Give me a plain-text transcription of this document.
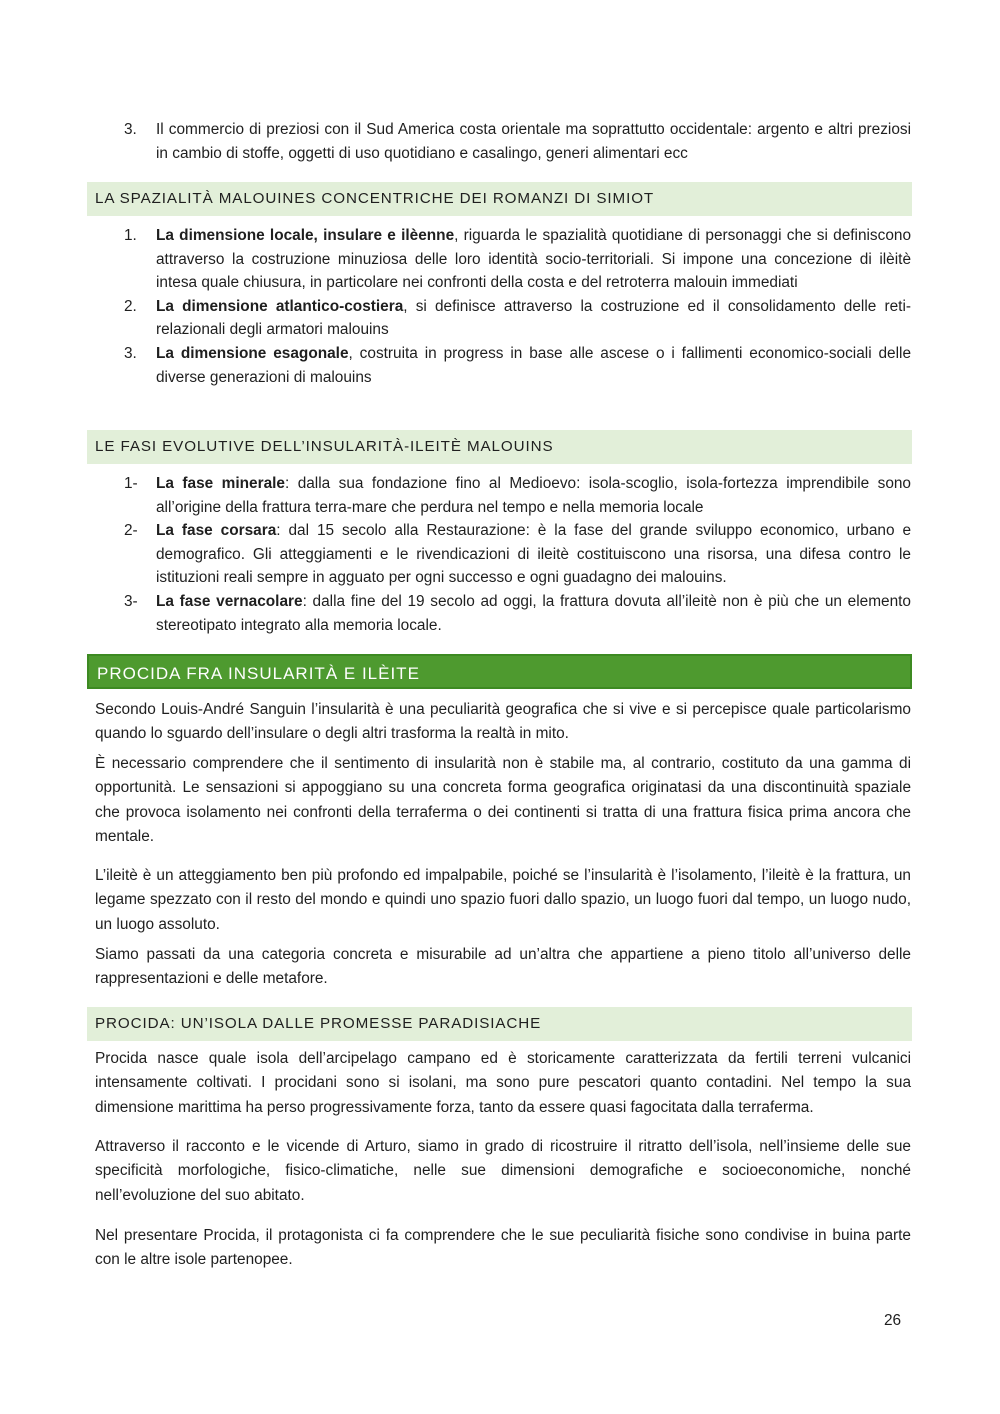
3. Il commercio di preziosi con il Sud America costa orientale ma soprattutto occidentale: argento e altri preziosi in cambio di stoffe, oggetti di uso quotidiano e casalingo, generi alimentari ecc
LA SPAZIALITÀ MALOUINES CONCENTRICHE DEI ROMANZI DI SIMIOT
1. La dimensione locale, insulare e ilèenne, riguarda le spazialità quotidiane di personaggi che si definiscono attraverso la costruzione minuziosa delle loro identità socio-territoriali. Si impone una concezione di ilèitè intesa quale chiusura, in particolare nei confronti della costa e del retroterra malouin immediati
2. La dimensione atlantico-costiera, si definisce attraverso la costruzione ed il consolidamento delle reti-relazionali degli armatori malouins
3. La dimensione esagonale, costruita in progress in base alle ascese o i fallimenti economico-sociali delle diverse generazioni di malouins
LE FASI EVOLUTIVE DELL’INSULARITÀ-ILEITÈ MALOUINS
1- La fase minerale: dalla sua fondazione fino al Medioevo: isola-scoglio, isola-fortezza imprendibile sono all’origine della frattura terra-mare che perdura nel tempo e nella memoria locale
2- La fase corsara: dal 15 secolo alla Restaurazione: è la fase del grande sviluppo economico, urbano e demografico. Gli atteggiamenti e le rivendicazioni di ileitè costituiscono una risorsa, una difesa contro le istituzioni reali sempre in agguato per ogni successo e ogni guadagno dei malouins.
3- La fase vernacolare: dalla fine del 19 secolo ad oggi, la frattura dovuta all’ileitè non è più che un elemento stereotipato integrato alla memoria locale.
PROCIDA FRA INSULARITÀ E ILÈITE

Secondo Louis-André Sanguin l’insularità è una peculiarità geografica che si vive e si percepisce quale particolarismo quando lo sguardo dell’insulare o degli altri trasforma la realtà in mito.

È necessario comprendere che il sentimento di insularità non è stabile ma, al contrario, costituto da una gamma di opportunità. Le sensazioni si appoggiano su una concreta forma geografica originatasi da una discontinuità spaziale che provoca isolamento nei confronti della terraferma o dei continenti si tratta di una frattura fisica prima ancora che mentale.

L’ileitè è un atteggiamento ben più profondo ed impalpabile, poiché se l’insularità è l’isolamento, l’ileitè è la frattura, un legame spezzato con il resto del mondo e quindi uno spazio fuori dallo spazio, un luogo fuori dal tempo, un luogo nudo, un luogo assoluto.

Siamo passati da una categoria concreta e misurabile ad un’altra che appartiene a pieno titolo all’universo delle rappresentazioni e delle metafore.

PROCIDA: UN’ISOLA DALLE PROMESSE PARADISIACHE

Procida nasce quale isola dell’arcipelago campano ed è storicamente caratterizzata da fertili terreni vulcanici intensamente coltivati. I procidani sono si isolani, ma sono pure pescatori quanto contadini. Nel tempo la sua dimensione marittima ha perso progressivamente forza, tanto da essere quasi fagocitata dalla terraferma.

Attraverso il racconto e le vicende di Arturo, siamo in grado di ricostruire il ritratto dell’isola, nell’insieme delle sue specificità morfologiche, fisico-climatiche, nelle sue dimensioni demografiche e socioeconomiche, nonché nell’evoluzione del suo abitato.

Nel presentare Procida, il protagonista ci fa comprendere che le sue peculiarità fisiche sono condivise in buina parte con le altre isole partenopee.

26
